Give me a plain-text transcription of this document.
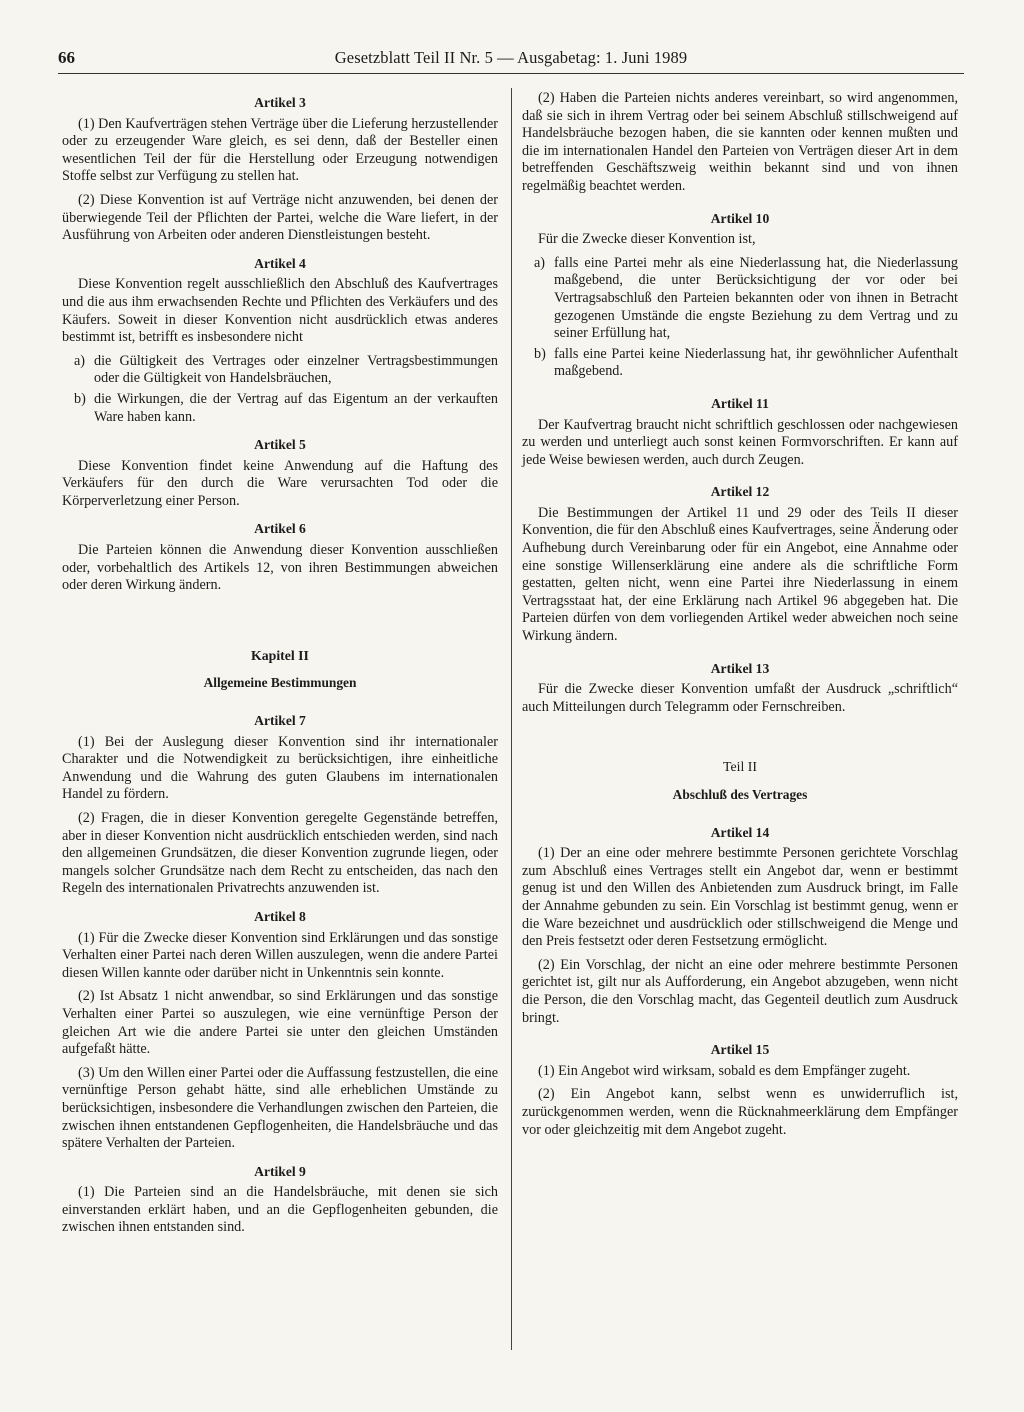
66	Gesetzblatt Teil II Nr. 5 — Ausgabetag: 1. Juni 1989
Artikel 3

(1) Den Kaufverträgen stehen Verträge über die Lieferung herzustellender oder zu erzeugender Ware gleich, es sei denn, daß der Besteller einen wesentlichen Teil der für die Herstellung oder Erzeugung notwendigen Stoffe selbst zur Verfügung zu stellen hat.

(2) Diese Konvention ist auf Verträge nicht anzuwenden, bei denen der überwiegende Teil der Pflichten der Partei, welche die Ware liefert, in der Ausführung von Arbeiten oder anderen Dienstleistungen besteht.

Artikel 4

Diese Konvention regelt ausschließlich den Abschluß des Kaufvertrages und die aus ihm erwachsenden Rechte und Pflichten des Verkäufers und des Käufers. Soweit in dieser Konvention nicht ausdrücklich etwas anderes bestimmt ist, betrifft es insbesondere nicht

a) die Gültigkeit des Vertrages oder einzelner Vertragsbestimmungen oder die Gültigkeit von Handelsbräuchen,
b) die Wirkungen, die der Vertrag auf das Eigentum an der verkauften Ware haben kann.
Artikel 5

Diese Konvention findet keine Anwendung auf die Haftung des Verkäufers für den durch die Ware verursachten Tod oder die Körperverletzung einer Person.

Artikel 6

Die Parteien können die Anwendung dieser Konvention ausschließen oder, vorbehaltlich des Artikels 12, von ihren Bestimmungen abweichen oder deren Wirkung ändern.

Kapitel II
Allgemeine Bestimmungen
Artikel 7

(1) Bei der Auslegung dieser Konvention sind ihr internationaler Charakter und die Notwendigkeit zu berücksichtigen, ihre einheitliche Anwendung und die Wahrung des guten Glaubens im internationalen Handel zu fördern.

(2) Fragen, die in dieser Konvention geregelte Gegenstände betreffen, aber in dieser Konvention nicht ausdrücklich entschieden werden, sind nach den allgemeinen Grundsätzen, die dieser Konvention zugrunde liegen, oder mangels solcher Grundsätze nach dem Recht zu entscheiden, das nach den Regeln des internationalen Privatrechts anzuwenden ist.

Artikel 8

(1) Für die Zwecke dieser Konvention sind Erklärungen und das sonstige Verhalten einer Partei nach deren Willen auszulegen, wenn die andere Partei diesen Willen kannte oder darüber nicht in Unkenntnis sein konnte.

(2) Ist Absatz 1 nicht anwendbar, so sind Erklärungen und das sonstige Verhalten einer Partei so auszulegen, wie eine vernünftige Person der gleichen Art wie die andere Partei sie unter den gleichen Umständen aufgefaßt hätte.

(3) Um den Willen einer Partei oder die Auffassung festzustellen, die eine vernünftige Person gehabt hätte, sind alle erheblichen Umstände zu berücksichtigen, insbesondere die Verhandlungen zwischen den Parteien, die zwischen ihnen entstandenen Gepflogenheiten, die Handelsbräuche und das spätere Verhalten der Parteien.

Artikel 9

(1) Die Parteien sind an die Handelsbräuche, mit denen sie sich einverstanden erklärt haben, und an die Gepflogenheiten gebunden, die zwischen ihnen entstanden sind.

(2) Haben die Parteien nichts anderes vereinbart, so wird angenommen, daß sie sich in ihrem Vertrag oder bei seinem Abschluß stillschweigend auf Handelsbräuche bezogen haben, die sie kannten oder kennen mußten und die im internationalen Handel den Parteien von Verträgen dieser Art in dem betreffenden Geschäftszweig weithin bekannt sind und von ihnen regelmäßig beachtet werden.

Artikel 10

Für die Zwecke dieser Konvention ist,

a) falls eine Partei mehr als eine Niederlassung hat, die Niederlassung maßgebend, die unter Berücksichtigung der vor oder bei Vertragsabschluß den Parteien bekannten oder von ihnen in Betracht gezogenen Umstände die engste Beziehung zu dem Vertrag und zu seiner Erfüllung hat,
b) falls eine Partei keine Niederlassung hat, ihr gewöhnlicher Aufenthalt maßgebend.
Artikel 11

Der Kaufvertrag braucht nicht schriftlich geschlossen oder nachgewiesen zu werden und unterliegt auch sonst keinen Formvorschriften. Er kann auf jede Weise bewiesen werden, auch durch Zeugen.

Artikel 12

Die Bestimmungen der Artikel 11 und 29 oder des Teils II dieser Konvention, die für den Abschluß eines Kaufvertrages, seine Änderung oder Aufhebung durch Vereinbarung oder für ein Angebot, eine Annahme oder eine sonstige Willenserklärung eine andere als die schriftliche Form gestatten, gelten nicht, wenn eine Partei ihre Niederlassung in einem Vertragsstaat hat, der eine Erklärung nach Artikel 96 abgegeben hat. Die Parteien dürfen von dem vorliegenden Artikel weder abweichen noch seine Wirkung ändern.

Artikel 13

Für die Zwecke dieser Konvention umfaßt der Ausdruck „schriftlich“ auch Mitteilungen durch Telegramm oder Fernschreiben.

Teil II
Abschluß des Vertrages
Artikel 14

(1) Der an eine oder mehrere bestimmte Personen gerichtete Vorschlag zum Abschluß eines Vertrages stellt ein Angebot dar, wenn er bestimmt genug ist und den Willen des Anbietenden zum Ausdruck bringt, im Falle der Annahme gebunden zu sein. Ein Vorschlag ist bestimmt genug, wenn er die Ware bezeichnet und ausdrücklich oder stillschweigend die Menge und den Preis festsetzt oder deren Festsetzung ermöglicht.

(2) Ein Vorschlag, der nicht an eine oder mehrere bestimmte Personen gerichtet ist, gilt nur als Aufforderung, ein Angebot abzugeben, wenn nicht die Person, die den Vorschlag macht, das Gegenteil deutlich zum Ausdruck bringt.

Artikel 15

(1) Ein Angebot wird wirksam, sobald es dem Empfänger zugeht.

(2) Ein Angebot kann, selbst wenn es unwiderruflich ist, zurückgenommen werden, wenn die Rücknahmeerklärung dem Empfänger vor oder gleichzeitig mit dem Angebot zugeht.
